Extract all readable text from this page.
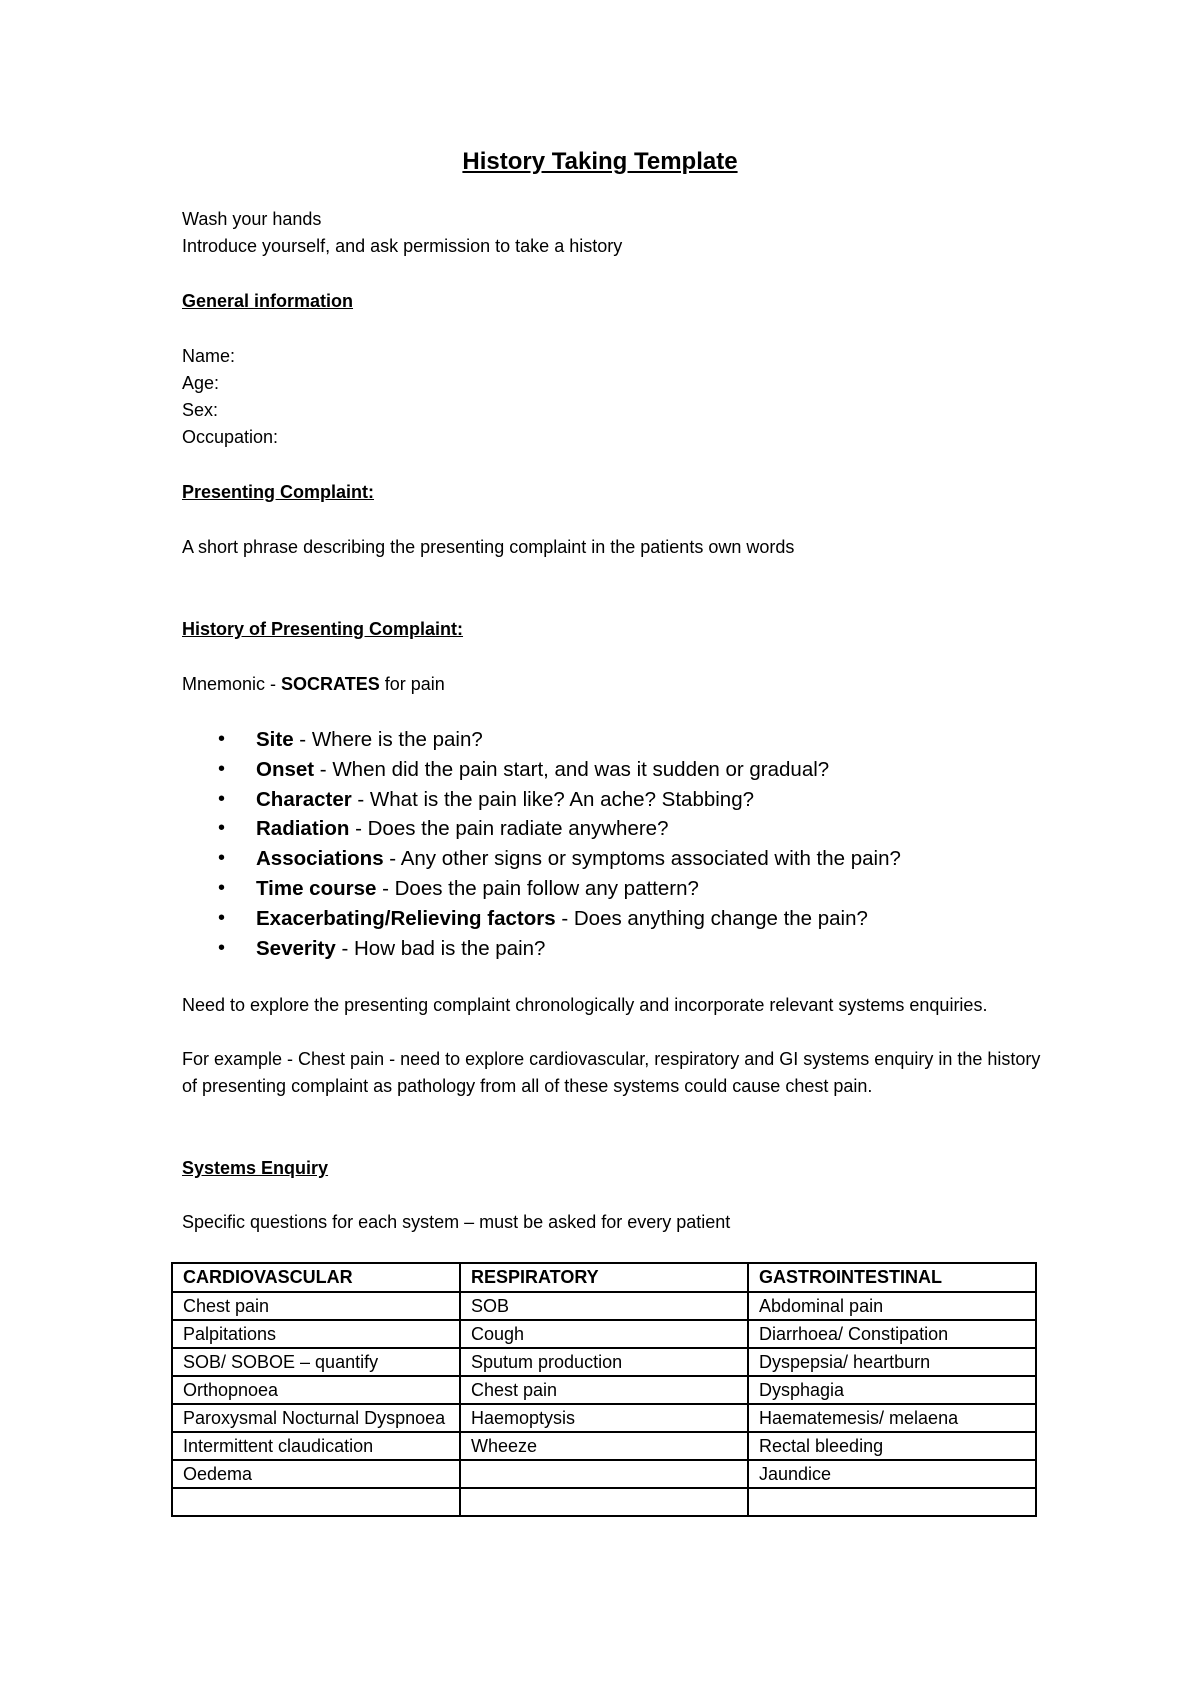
History Taking Template
Wash your hands
Introduce yourself, and ask permission to take a history
General information
Name:
Age:
Sex:
Occupation:
Presenting Complaint:
A short phrase describing the presenting complaint in the patients own words
History of Presenting Complaint:
Mnemonic - SOCRATES for pain
• Site - Where is the pain?
• Onset - When did the pain start, and was it sudden or gradual?
• Character - What is the pain like? An ache? Stabbing?
• Radiation - Does the pain radiate anywhere?
• Associations - Any other signs or symptoms associated with the pain?
• Time course - Does the pain follow any pattern?
• Exacerbating/Relieving factors - Does anything change the pain?
• Severity - How bad is the pain?
Need to explore the presenting complaint chronologically and incorporate relevant systems enquiries.
For example - Chest pain - need to explore cardiovascular, respiratory and GI systems enquiry in the history of presenting complaint as pathology from all of these systems could cause chest pain.
Systems Enquiry
Specific questions for each system – must be asked for every patient
CARDIOVASCULAR	RESPIRATORY	GASTROINTESTINAL
Chest pain	SOB	Abdominal pain
Palpitations	Cough	Diarrhoea/ Constipation
SOB/ SOBOE – quantify	Sputum production	Dyspepsia/ heartburn
Orthopnoea	Chest pain	Dysphagia
Paroxysmal Nocturnal Dyspnoea	Haemoptysis	Haematemesis/ melaena
Intermittent claudication	Wheeze	Rectal bleeding
Oedema		Jaundice
